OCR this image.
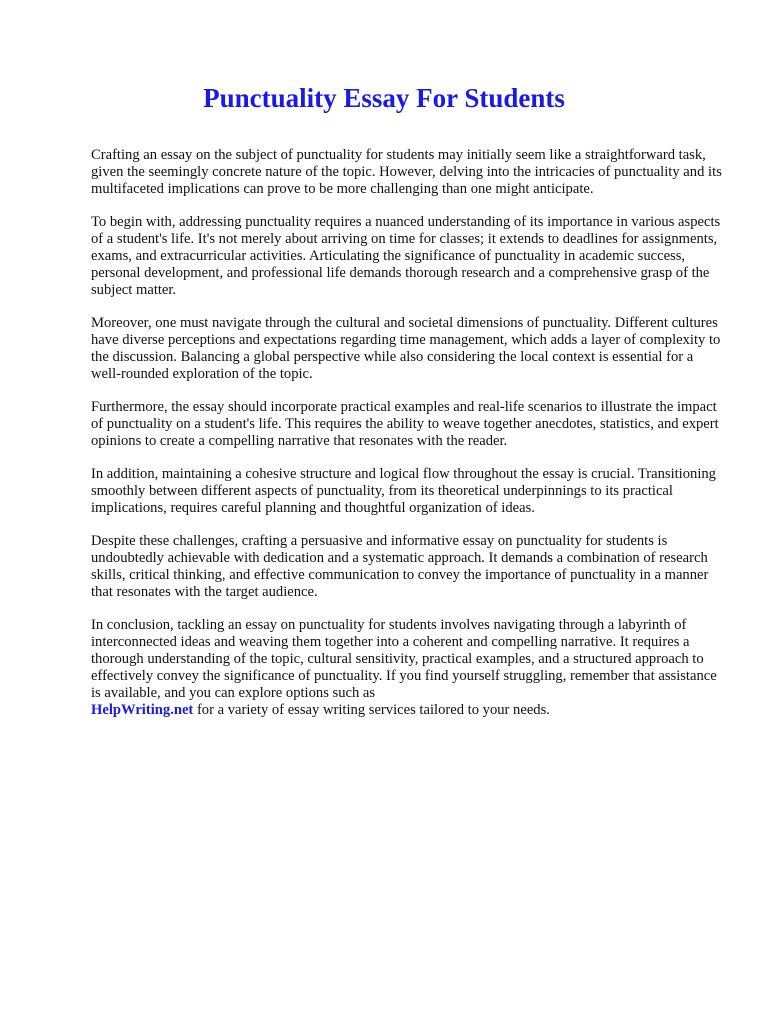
Punctuality Essay For Students

Crafting an essay on the subject of punctuality for students may initially seem like a straightforward task, given the seemingly concrete nature of the topic. However, delving into the intricacies of punctuality and its multifaceted implications can prove to be more challenging than one might anticipate.

To begin with, addressing punctuality requires a nuanced understanding of its importance in various aspects of a student's life. It's not merely about arriving on time for classes; it extends to deadlines for assignments, exams, and extracurricular activities. Articulating the significance of punctuality in academic success, personal development, and professional life demands thorough research and a comprehensive grasp of the subject matter.

Moreover, one must navigate through the cultural and societal dimensions of punctuality. Different cultures have diverse perceptions and expectations regarding time management, which adds a layer of complexity to the discussion. Balancing a global perspective while also considering the local context is essential for a well-rounded exploration of the topic.

Furthermore, the essay should incorporate practical examples and real-life scenarios to illustrate the impact of punctuality on a student's life. This requires the ability to weave together anecdotes, statistics, and expert opinions to create a compelling narrative that resonates with the reader.

In addition, maintaining a cohesive structure and logical flow throughout the essay is crucial. Transitioning smoothly between different aspects of punctuality, from its theoretical underpinnings to its practical implications, requires careful planning and thoughtful organization of ideas.

Despite these challenges, crafting a persuasive and informative essay on punctuality for students is undoubtedly achievable with dedication and a systematic approach. It demands a combination of research skills, critical thinking, and effective communication to convey the importance of punctuality in a manner that resonates with the target audience.

In conclusion, tackling an essay on punctuality for students involves navigating through a labyrinth of interconnected ideas and weaving them together into a coherent and compelling narrative. It requires a thorough understanding of the topic, cultural sensitivity, practical examples, and a structured approach to effectively convey the significance of punctuality. If you find yourself struggling, remember that assistance is available, and you can explore options such as
HelpWriting.net for a variety of essay writing services tailored to your needs.
